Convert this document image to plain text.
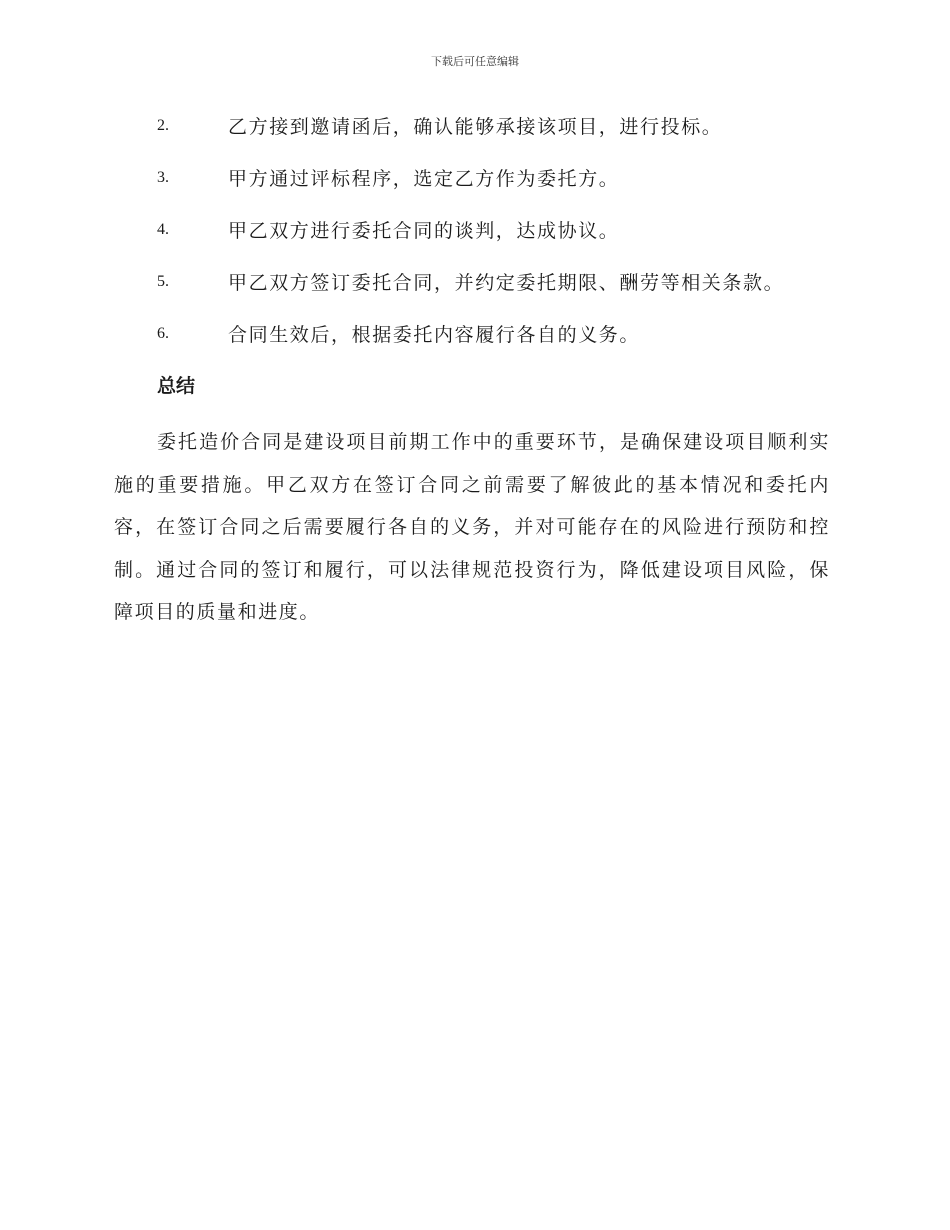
下载后可任意编辑
2.	乙方接到邀请函后，确认能够承接该项目，进行投标。
3.	甲方通过评标程序，选定乙方作为委托方。
4.	甲乙双方进行委托合同的谈判，达成协议。
5.	甲乙双方签订委托合同，并约定委托期限、酬劳等相关条款。
6.	合同生效后，根据委托内容履行各自的义务。
总结

委托造价合同是建设项目前期工作中的重要环节，是确保建设项目顺利实施的重要措施。甲乙双方在签订合同之前需要了解彼此的基本情况和委托内容，在签订合同之后需要履行各自的义务，并对可能存在的风险进行预防和控制。通过合同的签订和履行，可以法律规范投资行为，降低建设项目风险，保障项目的质量和进度。
